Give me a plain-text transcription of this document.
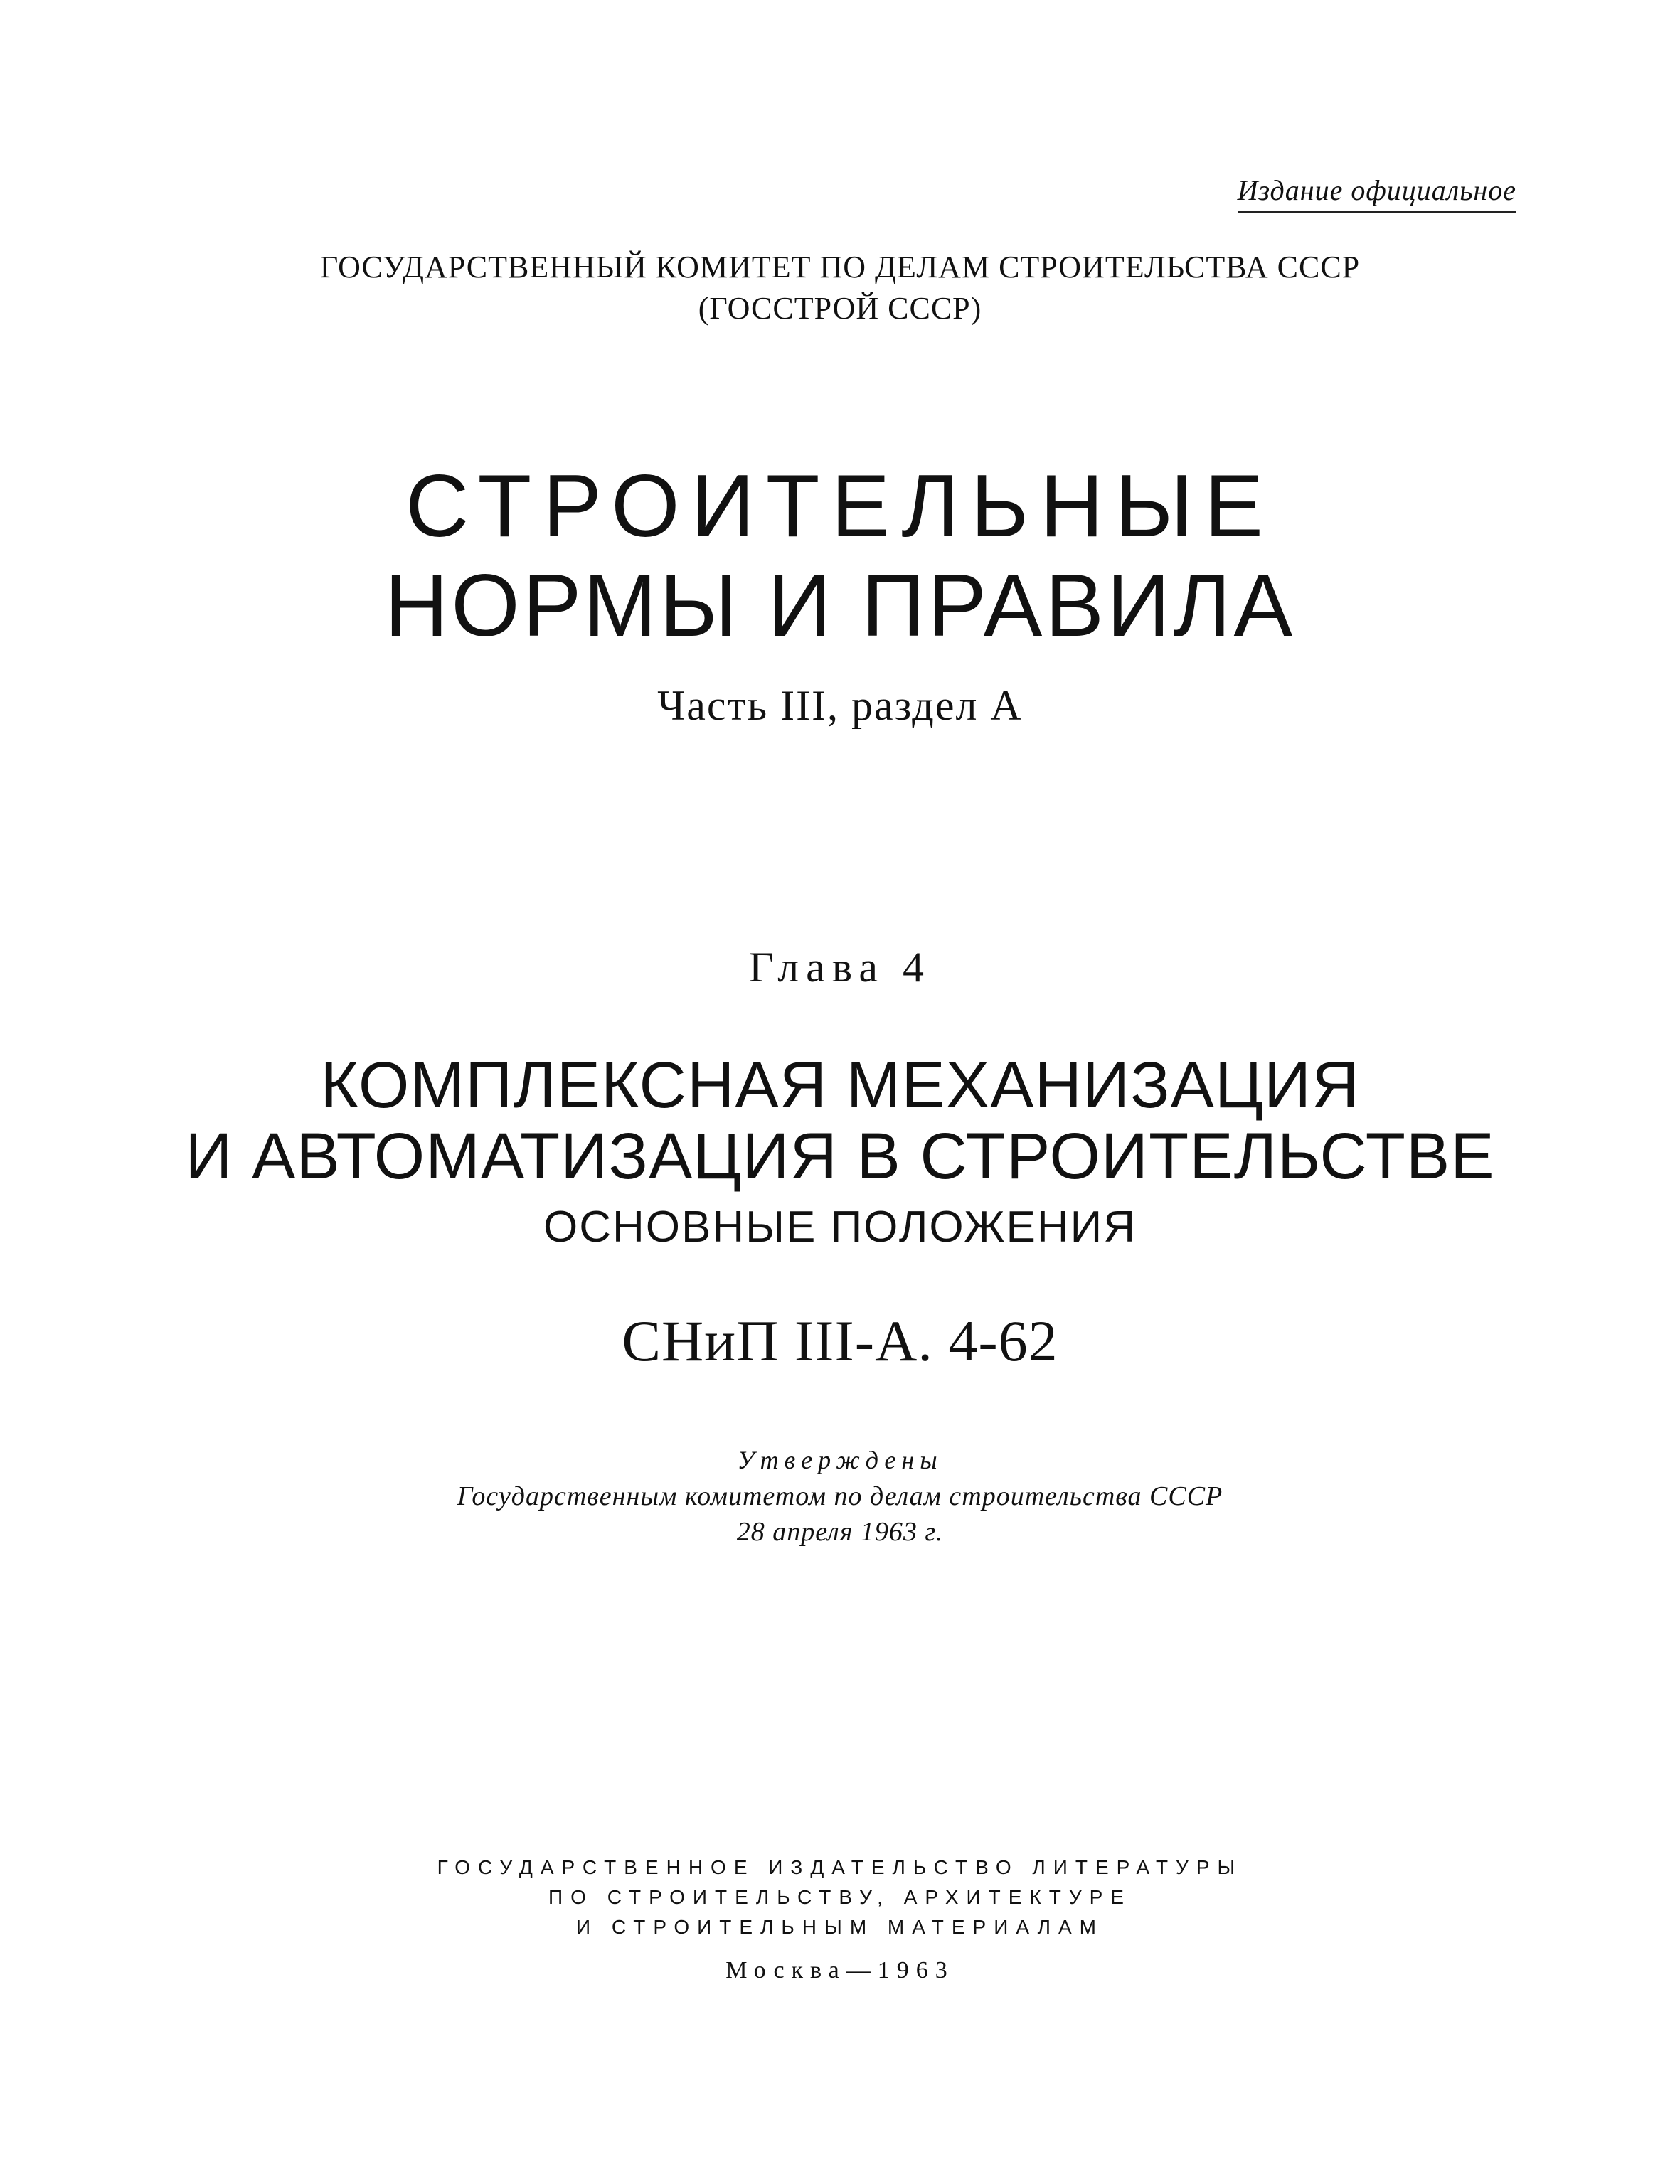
Издание официальное
ГОСУДАРСТВЕННЫЙ КОМИТЕТ ПО ДЕЛАМ СТРОИТЕЛЬСТВА СССР
(ГОССТРОЙ СССР)
СТРОИТЕЛЬНЫЕ
НОРМЫ И ПРАВИЛА
Часть III, раздел А
Глава 4
КОМПЛЕКСНАЯ МЕХАНИЗАЦИЯ
И АВТОМАТИЗАЦИЯ В СТРОИТЕЛЬСТВЕ
ОСНОВНЫЕ ПОЛОЖЕНИЯ
СНиП III-А. 4-62
Утверждены
Государственным комитетом по делам строительства СССР
28 апреля 1963 г.
ГОСУДАРСТВЕННОЕ ИЗДАТЕЛЬСТВО ЛИТЕРАТУРЫ
ПО СТРОИТЕЛЬСТВУ, АРХИТЕКТУРЕ
И СТРОИТЕЛЬНЫМ МАТЕРИАЛАМ
Москва—1963
